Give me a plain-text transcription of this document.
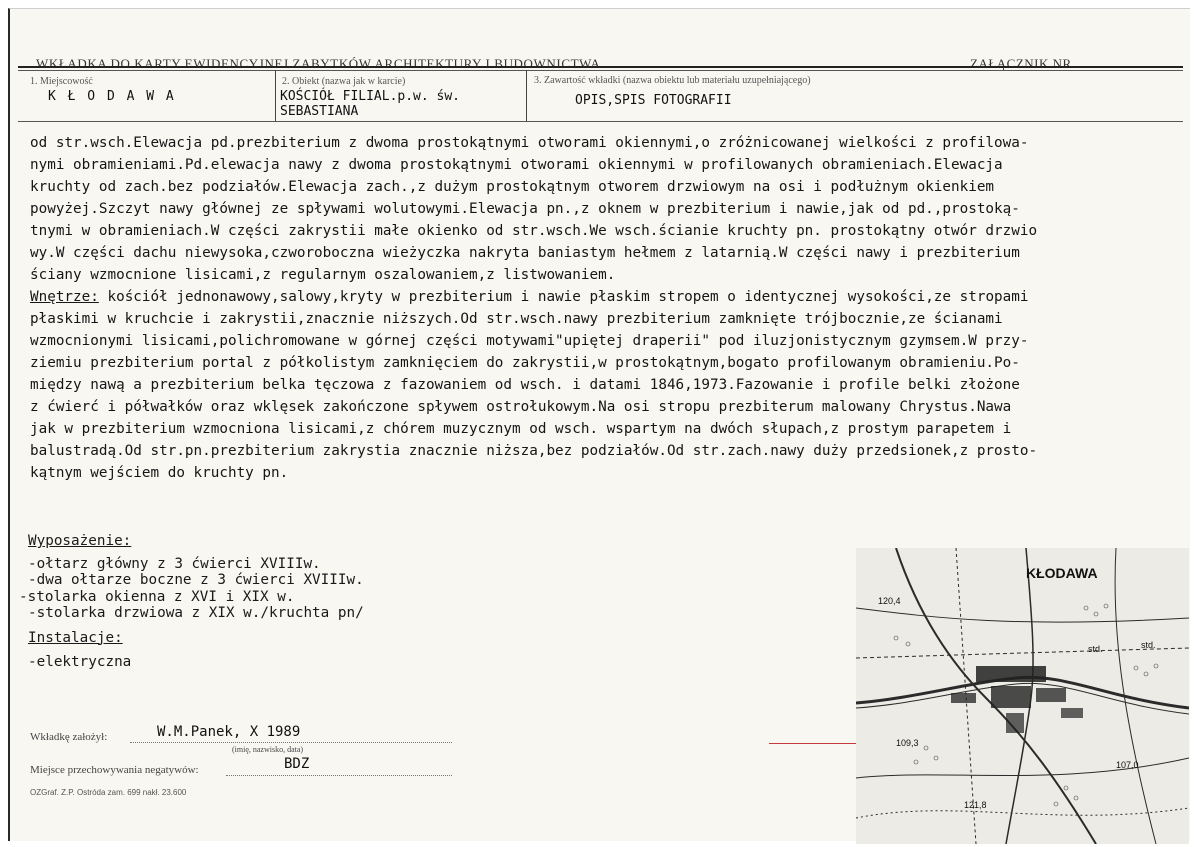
WKŁADKA DO KARTY EWIDENCYJNEJ ZABYTKÓW ARCHITEKTURY I BUDOWNICTWA	ZAŁĄCZNIK NR
1. Miejscowość
K Ł O D A W A
2. Obiekt (nazwa jak w karcie)
KOŚCIÓŁ FILIAL.p.w. św.
SEBASTIANA
3. Zawartość wkładki (nazwa obiektu lub materiału uzupełniającego)
OPIS,SPIS FOTOGRAFII

od str.wsch.Elewacja pd.prezbiterium z dwoma prostokątnymi otworami okiennymi,o zróżnicowanej wielkości z profilowa-

nymi obramieniami.Pd.elewacja nawy z dwoma prostokątnymi otworami okiennymi w profilowanych obramieniach.Elewacja

kruchty od zach.bez podziałów.Elewacja zach.,z dużym prostokątnym otworem drzwiowym na osi i podłużnym okienkiem

powyżej.Szczyt nawy głównej ze spływami wolutowymi.Elewacja pn.,z oknem w prezbiterium i nawie,jak od pd.,prostoką-

tnymi w obramieniach.W części zakrystii małe okienko od str.wsch.We wsch.ścianie kruchty pn. prostokątny otwór drzwio

wy.W części dachu niewysoka,czworoboczna wieżyczka nakryta baniastym hełmem z latarnią.W części nawy i prezbiterium

ściany wzmocnione lisicami,z regularnym oszalowaniem,z listwowaniem.

Wnętrze: kościół jednonawowy,salowy,kryty w prezbiterium i nawie płaskim stropem o identycznej wysokości,ze stropami

płaskimi w kruchcie i zakrystii,znacznie niższych.Od str.wsch.nawy prezbiterium zamknięte trójbocznie,ze ścianami

wzmocnionymi lisicami,polichromowane w górnej części motywami"upiętej draperii" pod iluzjonistycznym gzymsem.W przy-

ziemiu prezbiterium portal z półkolistym zamknięciem do zakrystii,w prostokątnym,bogato profilowanym obramieniu.Po-

między nawą a prezbiterium belka tęczowa z fazowaniem od wsch. i datami 1846,1973.Fazowanie i profile belki złożone

z ćwierć i półwałków oraz wklęsek zakończone spływem ostrołukowym.Na osi stropu prezbiterum malowany Chrystus.Nawa

jak w prezbiterium wzmocniona lisicami,z chórem muzycznym od wsch. wspartym na dwóch słupach,z prostym parapetem i

balustradą.Od str.pn.prezbiterium zakrystia znacznie niższa,bez podziałów.Od str.zach.nawy duży przedsionek,z prosto-

kątnym wejściem do kruchty pn.

Wyposażenie:

-ołtarz główny z 3 ćwierci XVIIIw.

-dwa ołtarze boczne z 3 ćwierci XVIIIw.

-stolarka okienna z XVI i XIX w.

-stolarka drzwiowa z XIX w./kruchta pn/

Instalacje:

-elektryczna

Wkładkę założył:	W.M.Panek, X 1989
(imię, nazwisko, data)
Miejsce przechowywania negatywów:	BDZ
OZGraf. Z.P. Ostróda zam. 699 nakł. 23.600
KŁODAWA
120,4
std.	std.
107,0
121,8
109,3
